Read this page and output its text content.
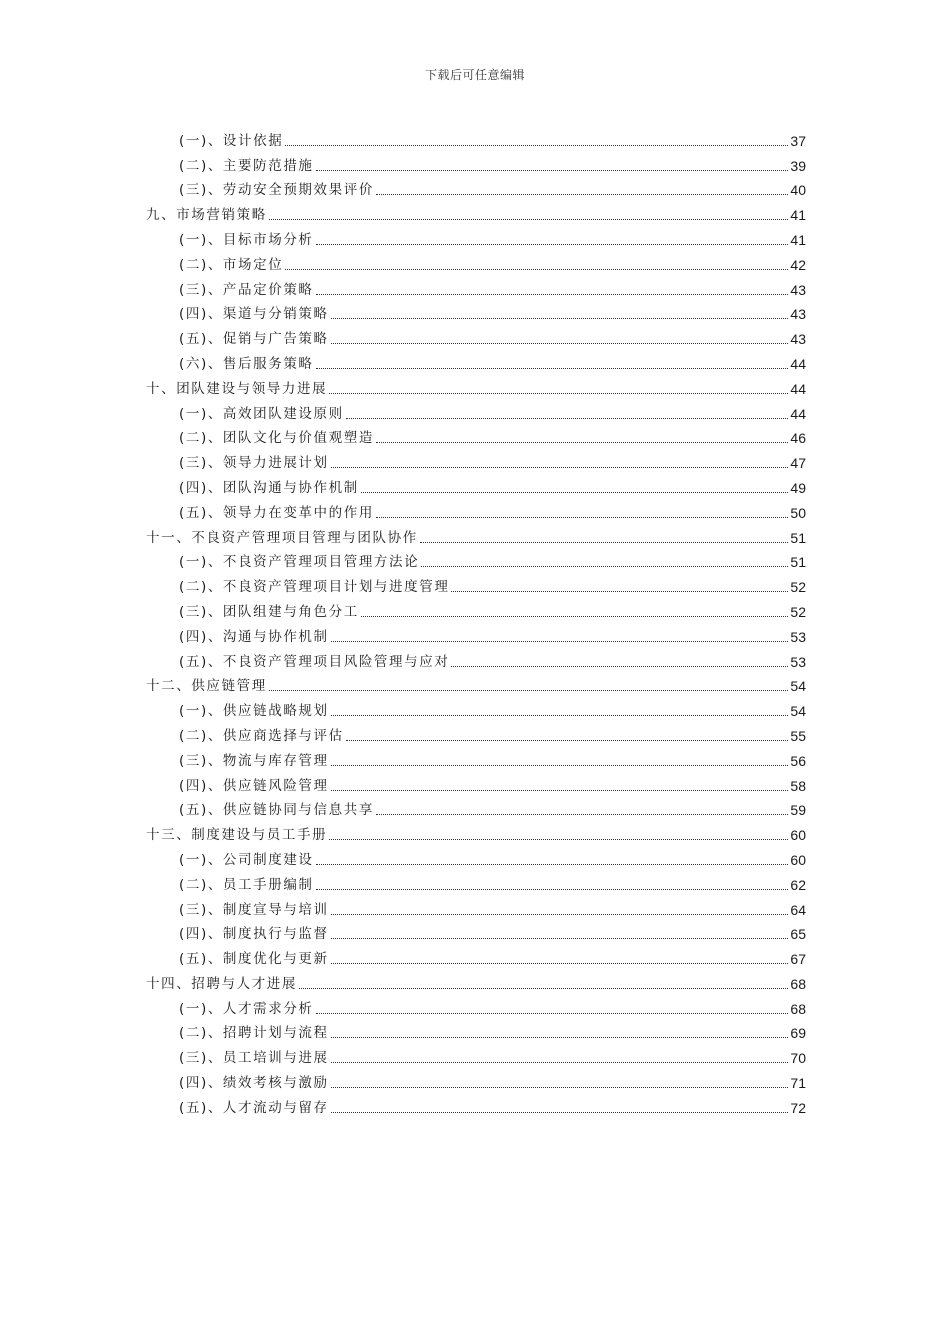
下载后可任意编辑
(一)、设计依据	37
(二)、主要防范措施	39
(三)、劳动安全预期效果评价	40
九、市场营销策略	41
(一)、目标市场分析	41
(二)、市场定位	42
(三)、产品定价策略	43
(四)、渠道与分销策略	43
(五)、促销与广告策略	43
(六)、售后服务策略	44
十、团队建设与领导力进展	44
(一)、高效团队建设原则	44
(二)、团队文化与价值观塑造	46
(三)、领导力进展计划	47
(四)、团队沟通与协作机制	49
(五)、领导力在变革中的作用	50
十一、不良资产管理项目管理与团队协作	51
(一)、不良资产管理项目管理方法论	51
(二)、不良资产管理项目计划与进度管理	52
(三)、团队组建与角色分工	52
(四)、沟通与协作机制	53
(五)、不良资产管理项目风险管理与应对	53
十二、供应链管理	54
(一)、供应链战略规划	54
(二)、供应商选择与评估	55
(三)、物流与库存管理	56
(四)、供应链风险管理	58
(五)、供应链协同与信息共享	59
十三、制度建设与员工手册	60
(一)、公司制度建设	60
(二)、员工手册编制	62
(三)、制度宣导与培训	64
(四)、制度执行与监督	65
(五)、制度优化与更新	67
十四、招聘与人才进展	68
(一)、人才需求分析	68
(二)、招聘计划与流程	69
(三)、员工培训与进展	70
(四)、绩效考核与激励	71
(五)、人才流动与留存	72
